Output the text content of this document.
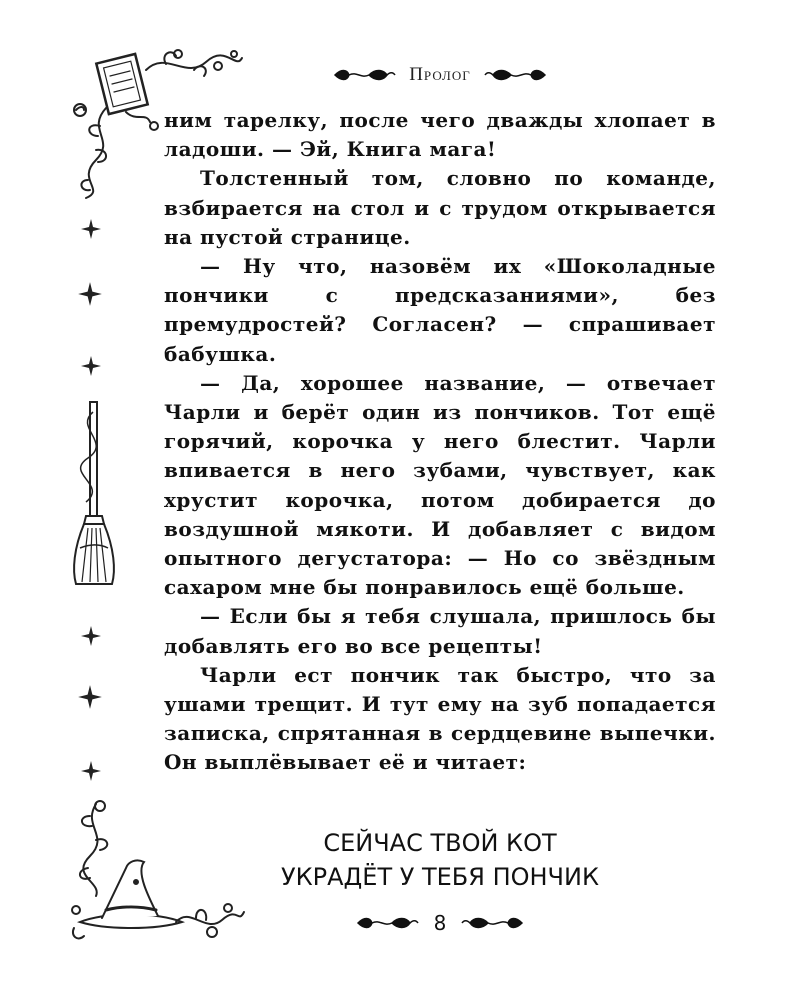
Пролог

ним тарелку, после чего дважды хлопает в ладоши. — Эй, Книга мага!

Толстенный том, словно по команде, взбирается на стол и с трудом открывается на пустой странице.

— Ну что, назовём их «Шоколадные пончики с предсказаниями», без премудростей? Согласен? — спрашивает бабушка.

— Да, хорошее название, — отвечает Чарли и берёт один из пончиков. Тот ещё горячий, корочка у него блестит. Чарли впивается в него зубами, чувствует, как хрустит корочка, потом добирается до воздушной мякоти. И добавляет с видом опытного дегустатора: — Но со звёздным сахаром мне бы понравилось ещё больше.

— Если бы я тебя слушала, пришлось бы добавлять его во все рецепты!

Чарли ест пончик так быстро, что за ушами трещит. И тут ему на зуб попадается записка, спрятанная в сердцевине выпечки. Он выплёвывает её и читает:

СЕЙЧАС ТВОЙ КОТ
УКРАДЁТ У ТЕБЯ ПОНЧИК
8
